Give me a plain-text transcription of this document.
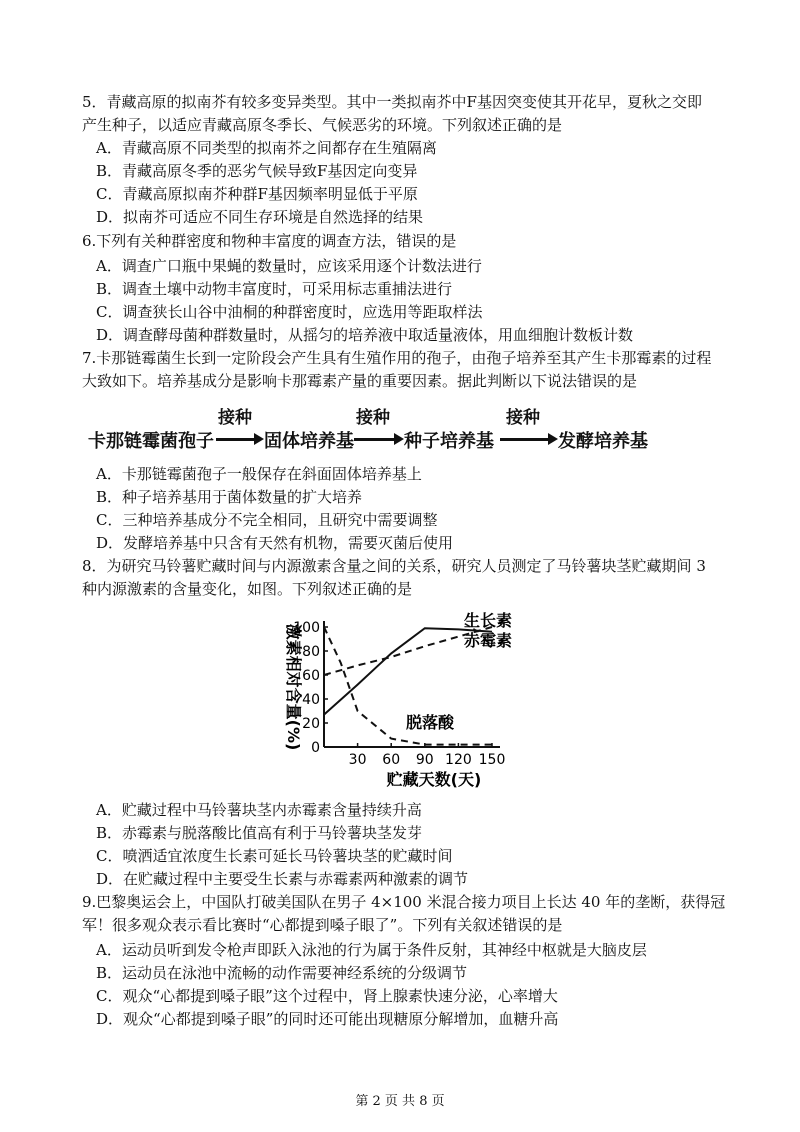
5．青藏高原的拟南芥有较多变异类型。其中一类拟南芥中F基因突变使其开花早，夏秋之交即
产生种子，以适应青藏高原冬季长、气候恶劣的环境。下列叙述正确的是
A．青藏高原不同类型的拟南芥之间都存在生殖隔离
B．青藏高原冬季的恶劣气候导致F基因定向变异
C．青藏高原拟南芥种群F基因频率明显低于平原
D．拟南芥可适应不同生存环境是自然选择的结果
6.下列有关种群密度和物种丰富度的调查方法，错误的是
A．调查广口瓶中果蝇的数量时，应该采用逐个计数法进行
B．调查土壤中动物丰富度时，可采用标志重捕法进行
C．调查狭长山谷中油桐的种群密度时，应选用等距取样法
D．调查酵母菌种群数量时，从摇匀的培养液中取适量液体，用血细胞计数板计数
7.卡那链霉菌生长到一定阶段会产生具有生殖作用的孢子，由孢子培养至其产生卡那霉素的过程
大致如下。培养基成分是影响卡那霉素产量的重要因素。据此判断以下说法错误的是
卡那链霉菌孢子
接种
固体培养基
接种
种子培养基
接种
发酵培养基
A．卡那链霉菌孢子一般保存在斜面固体培养基上
B．种子培养基用于菌体数量的扩大培养
C．三种培养基成分不完全相同，且研究中需要调整
D．发酵培养基中只含有天然有机物，需要灭菌后使用
8．为研究马铃薯贮藏时间与内源激素含量之间的关系，研究人员测定了马铃薯块茎贮藏期间 3
种内源激素的含量变化，如图。下列叙述正确的是
0
20
40
60
80
100
30 60 90 120 150
生长素
赤霉素
脱落酸
贮藏天数(天)
激素相对含量(%)
A．贮藏过程中马铃薯块茎内赤霉素含量持续升高
B．赤霉素与脱落酸比值高有利于马铃薯块茎发芽
C．喷洒适宜浓度生长素可延长马铃薯块茎的贮藏时间
D．在贮藏过程中主要受生长素与赤霉素两种激素的调节
9.巴黎奥运会上，中国队打破美国队在男子 4×100 米混合接力项目上长达 40 年的垄断，获得冠
军！很多观众表示看比赛时“心都提到嗓子眼了”。下列有关叙述错误的是
A．运动员听到发令枪声即跃入泳池的行为属于条件反射，其神经中枢就是大脑皮层
B．运动员在泳池中流畅的动作需要神经系统的分级调节
C．观众“心都提到嗓子眼”这个过程中，肾上腺素快速分泌，心率增大
D．观众“心都提到嗓子眼”的同时还可能出现糖原分解增加，血糖升高
第 2 页 共 8 页
